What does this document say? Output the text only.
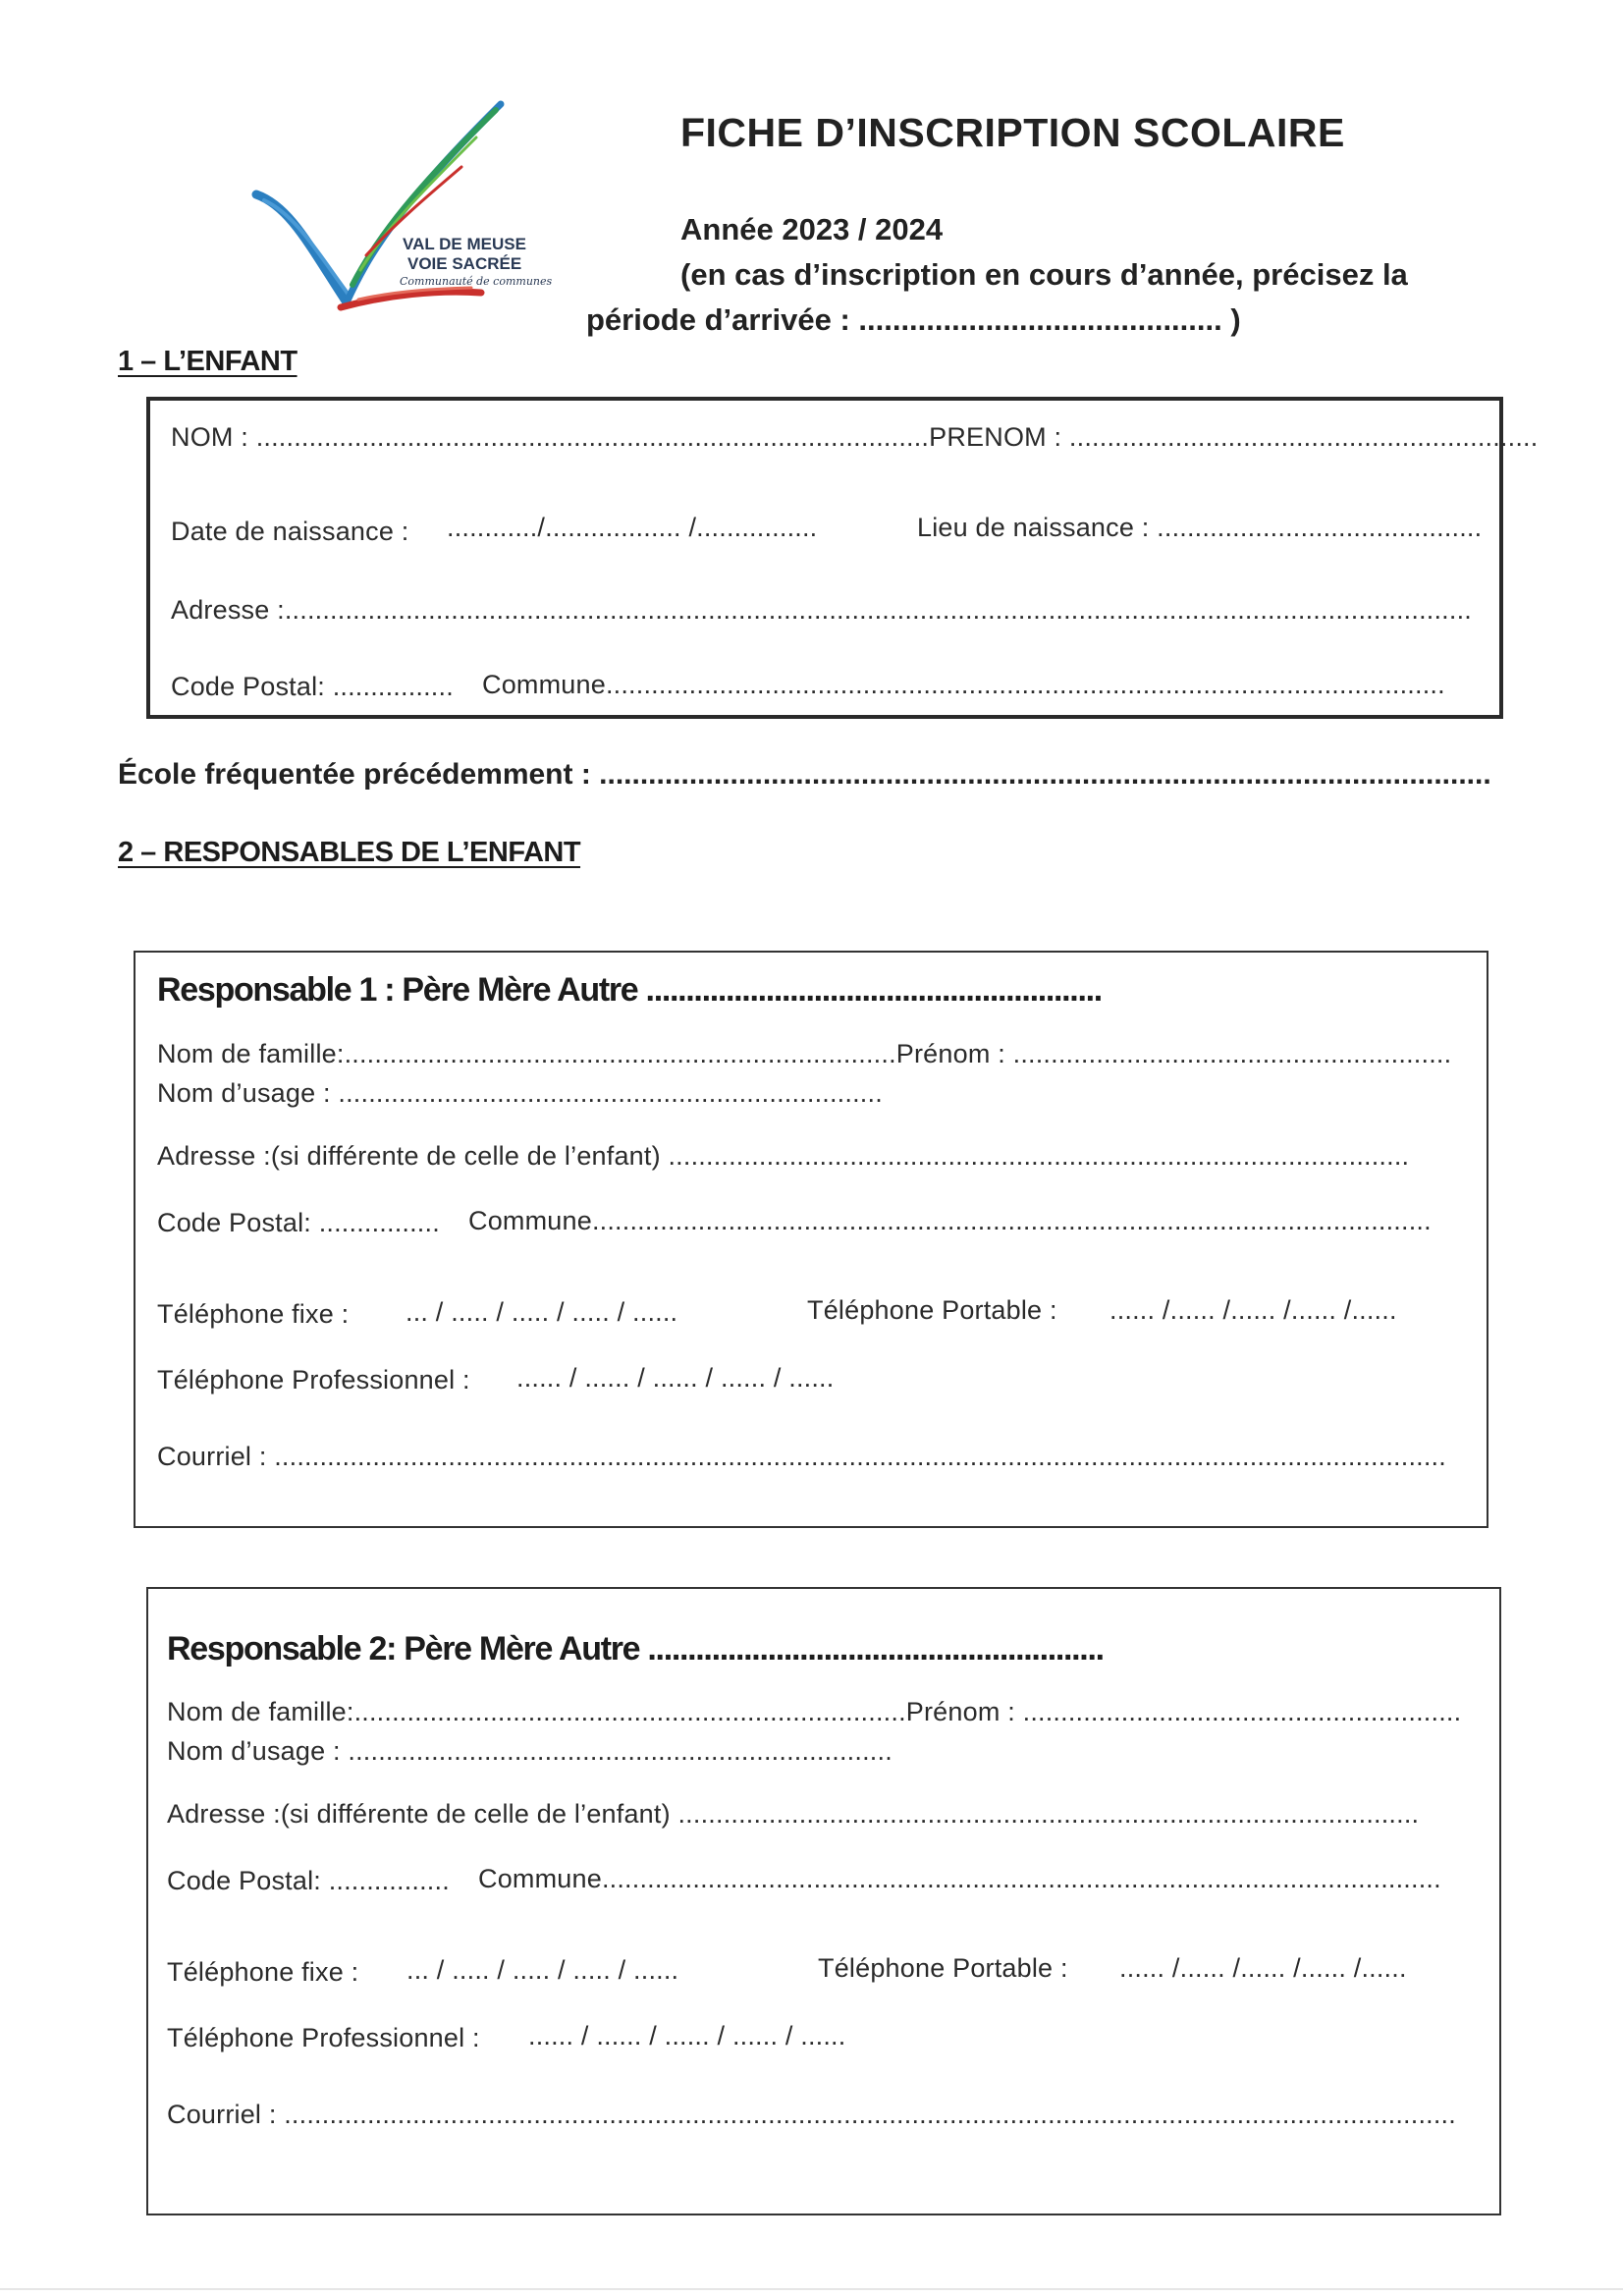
VAL DE MEUSE
VOIE SACRÉE
Communauté de communes
FICHE D’INSCRIPTION SCOLAIRE
Année 2023 / 2024
(en cas d’inscription en cours d’année, précisez la
période d’arrivée : ........................................... )
1 – L’ENFANT
NOM : .........................................................................................PRENOM : ..............................................................
Date de naissance : ............/.................. /................	Lieu de naissance : ...........................................
Adresse :.............................................................................................................................................................
Code Postal: ................ Commune...............................................................................................................
École fréquentée précédemment : .............................................................................................................
2 – RESPONSABLES DE L’ENFANT
Responsable 1 : Père Mère Autre .........................................................
Nom de famille:.........................................................................Prénom : ..........................................................
Nom d’usage : ........................................................................
Adresse :(si différente de celle de l’enfant) ..................................................................................................
Code Postal: ................ Commune...............................................................................................................
Téléphone fixe : ... / ..... / ..... / ..... / ......	Téléphone Portable : ...... /...... /...... /...... /......
Téléphone Professionnel : ...... / ...... / ...... / ...... / ......
Courriel : ...........................................................................................................................................................
Responsable 2: Père Mère Autre .........................................................
Nom de famille:.........................................................................Prénom : ..........................................................
Nom d’usage : ........................................................................
Adresse :(si différente de celle de l’enfant) ..................................................................................................
Code Postal: ................ Commune...............................................................................................................
Téléphone fixe : ... / ..... / ..... / ..... / ......	Téléphone Portable : ...... /...... /...... /...... /......
Téléphone Professionnel : ...... / ...... / ...... / ...... / ......
Courriel : ...........................................................................................................................................................
